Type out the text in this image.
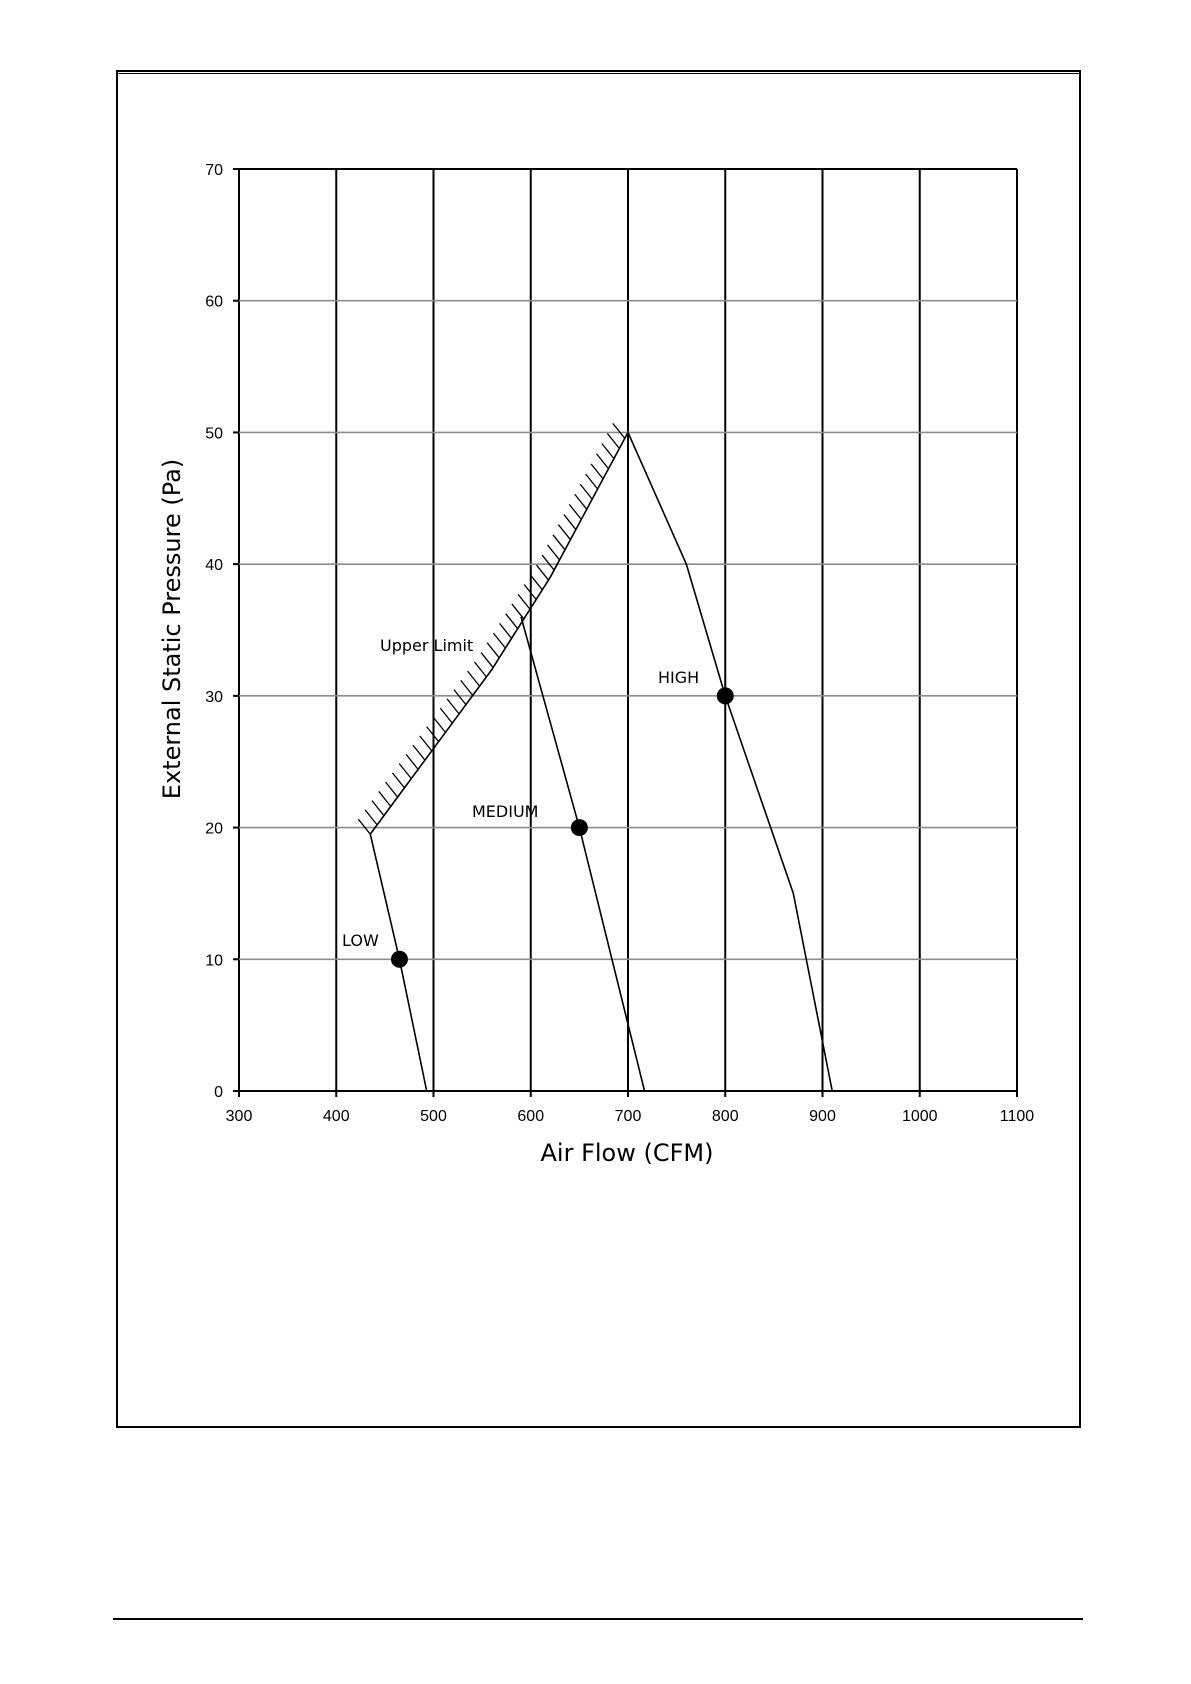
300	400	500	600	700	800	900	1000	1100
0
10
20
30
40
50
60
70
Air Flow (CFM)
External Static Pressure (Pa)
LOW
MEDIUM
HIGH
Upper Limit
